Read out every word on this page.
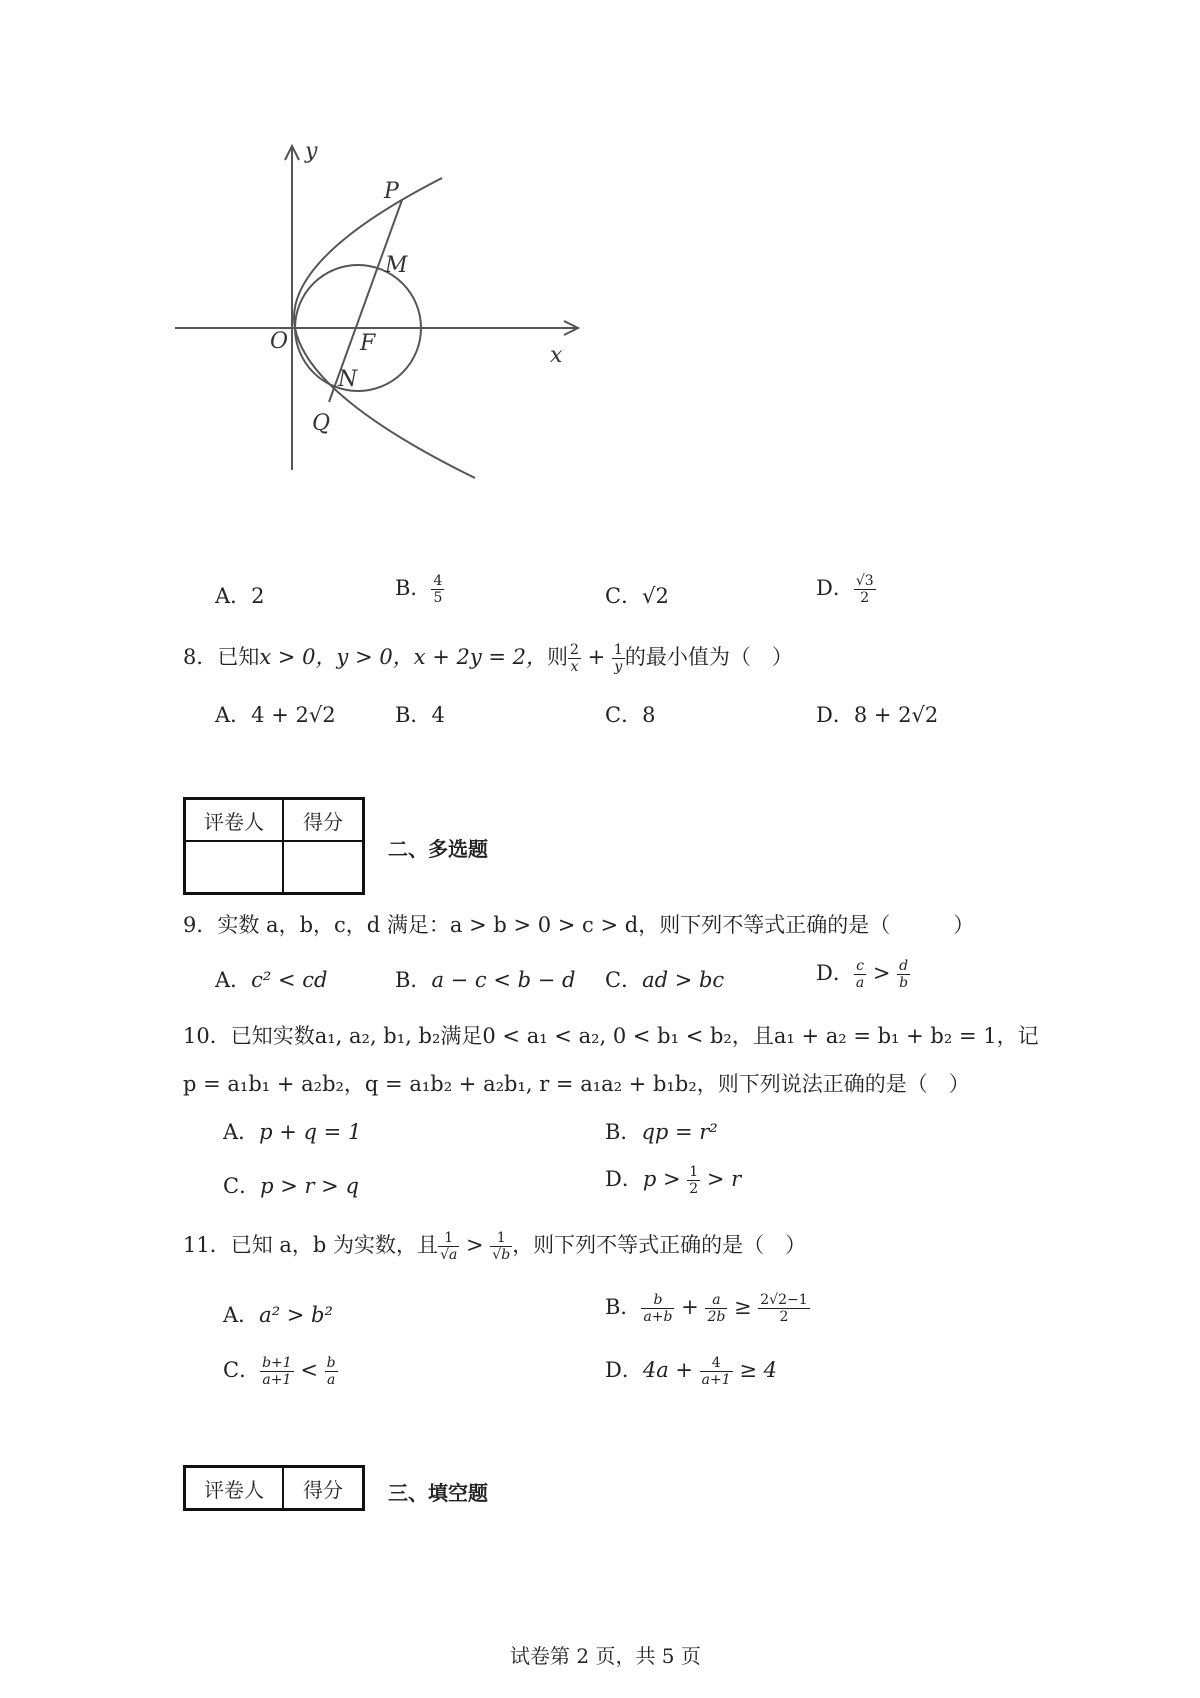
y
x
P
M
O	F
N
Q
A．2	B． $\frac{4}{5}$	C．√2	D． $\frac{√3}{2}$
8．已知x > 0，y > 0，x + 2y = 2，则 $\frac{2}{x} + \frac{1}{y}$ 的最小值为（　）
A．4 + 2√2	B．4	C．8	D．8 + 2√2
评卷人	得分

二、多选题
9．实数 a，b，c，d 满足：a > b > 0 > c > d，则下列不等式正确的是（　　　）
A．c² < cd	B．a − c < b − d C．ad > bc	D． $\frac{c}{a} > \frac{d}{b}$
10．已知实数a₁, a₂, b₁, b₂满足0 < a₁ < a₂, 0 < b₁ < b₂，且a₁ + a₂ = b₁ + b₂ = 1，记
p = a₁b₁ + a₂b₂，q = a₁b₂ + a₂b₁, r = a₁a₂ + b₁b₂，则下列说法正确的是（　）
A．p + q = 1	B．qp = r²
C．p > r > q	D．$p > \frac{1}{2} > r$
11．已知 a，b 为实数，且 $\frac{1}{√a} > \frac{1}{√b}$ ，则下列不等式正确的是（　）
A．a² > b²	B． $\frac{b}{a+b} + \frac{a}{2b} \ge \frac{2√2-1}{2}$
C． $\frac{b+1}{a+1} < \frac{b}{a}$	D．$4a + \frac{4}{a+1} \ge 4$
评卷人	得分 三、填空题
试卷第 2 页，共 5 页
